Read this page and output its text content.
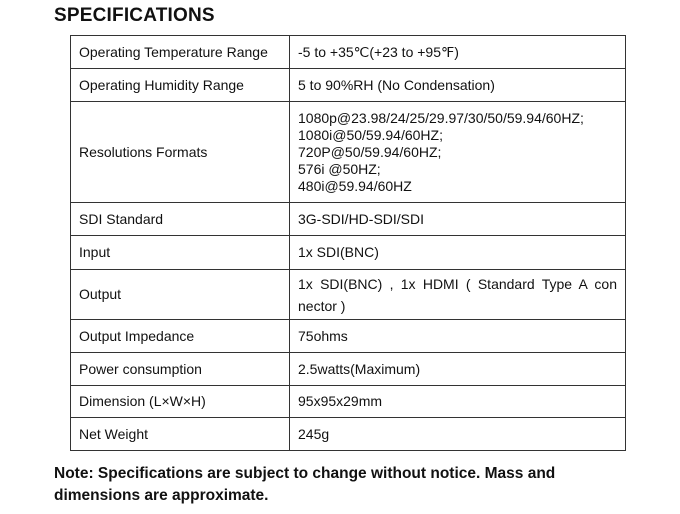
SPECIFICATIONS
Operating Temperature Range	-5 to +35℃(+23 to +95℉)
Operating Humidity Range	5 to 90%RH (No Condensation)
Resolutions Formats	1080p@23.98/24/25/29.97/30/50/59.94/60HZ;
1080i@50/59.94/60HZ;
720P@50/59.94/60HZ;
576i @50HZ;
480i@59.94/60HZ

SDI Standard	3G-SDI/HD-SDI/SDI
Input	1x SDI(BNC)
Output	1x SDI(BNC) , 1x HDMI ( Standard Type A con nector )
Output Impedance	75ohms
Power consumption	2.5watts(Maximum)
Dimension (L×W×H)	95x95x29mm
Net Weight	245g
Note: Specifications are subject to change without notice. Mass and dimensions are approximate.
